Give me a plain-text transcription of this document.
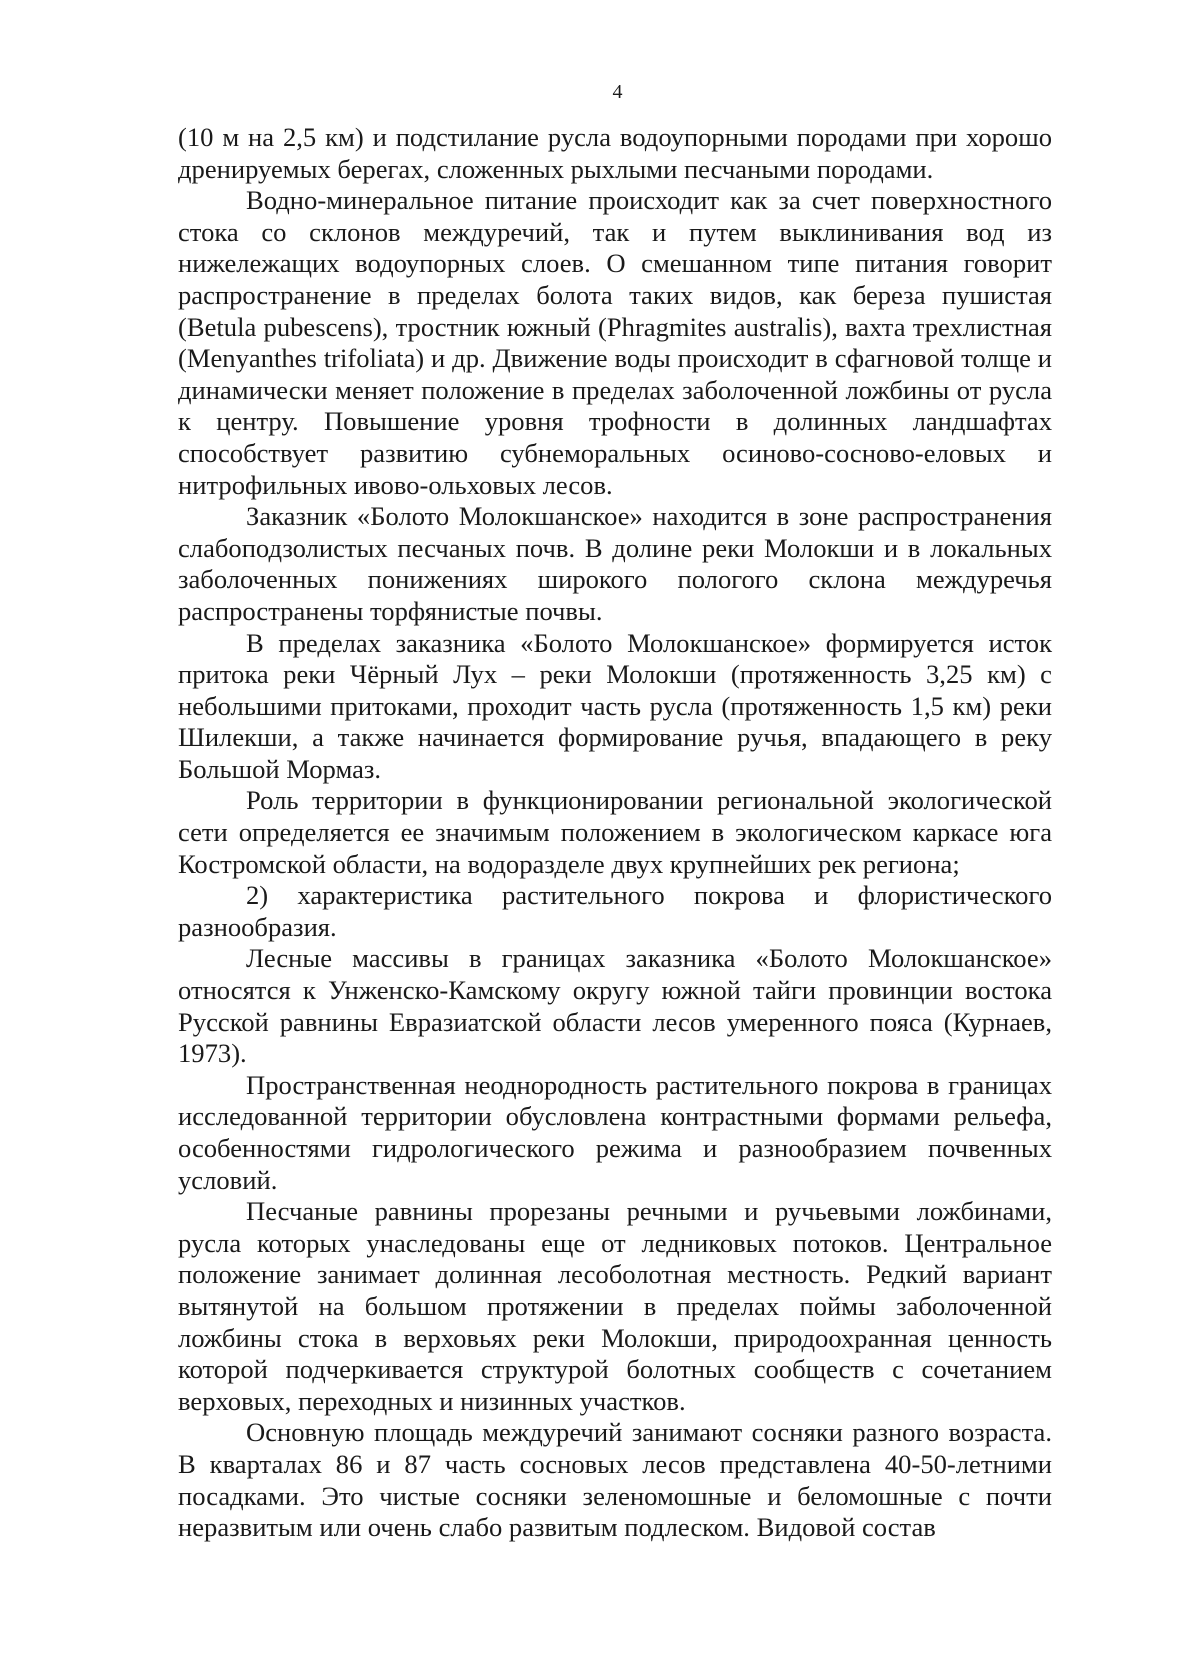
4

(10 м на 2,5 км) и подстилание русла водоупорными породами при хорошо дренируемых берегах, сложенных рыхлыми песчаными породами.

Водно-минеральное питание происходит как за счет поверхностного стока со склонов междуречий, так и путем выклинивания вод из нижележащих водоупорных слоев. О смешанном типе питания говорит распространение в пределах болота таких видов, как береза пушистая (Betula pubescens), тростник южный (Phragmites australis), вахта трехлистная (Menyanthes trifoliata) и др. Движение воды происходит в сфагновой толще и динамически меняет положение в пределах заболоченной ложбины от русла к центру. Повышение уровня трофности в долинных ландшафтах способствует развитию субнеморальных осиново-сосново-еловых и нитрофильных ивово-ольховых лесов.

Заказник «Болото Молокшанское» находится в зоне распространения слабоподзолистых песчаных почв. В долине реки Молокши и в локальных заболоченных понижениях широкого пологого склона междуречья распространены торфянистые почвы.

В пределах заказника «Болото Молокшанское» формируется исток притока реки Чёрный Лух – реки Молокши (протяженность 3,25 км) с небольшими притоками, проходит часть русла (протяженность 1,5 км) реки Шилекши, а также начинается формирование ручья, впадающего в реку Большой Мормаз.

Роль территории в функционировании региональной экологической сети определяется ее значимым положением в экологическом каркасе юга Костромской области, на водоразделе двух крупнейших рек региона;

2) характеристика растительного покрова и флористического разнообразия.

Лесные массивы в границах заказника «Болото Молокшанское» относятся к Унженско-Камскому округу южной тайги провинции востока Русской равнины Евразиатской области лесов умеренного пояса (Курнаев, 1973).

Пространственная неоднородность растительного покрова в границах исследованной территории обусловлена контрастными формами рельефа, особенностями гидрологического режима и разнообразием почвенных условий.

Песчаные равнины прорезаны речными и ручьевыми ложбинами, русла которых унаследованы еще от ледниковых потоков. Центральное положение занимает долинная лесоболотная местность. Редкий вариант вытянутой на большом протяжении в пределах поймы заболоченной ложбины стока в верховьях реки Молокши, природоохранная ценность которой подчеркивается структурой болотных сообществ с сочетанием верховых, переходных и низинных участков.

Основную площадь междуречий занимают сосняки разного возраста. В кварталах 86 и 87 часть сосновых лесов представлена 40-50-летними посадками. Это чистые сосняки зеленомошные и беломошные с почти неразвитым или очень слабо развитым подлеском. Видовой состав
